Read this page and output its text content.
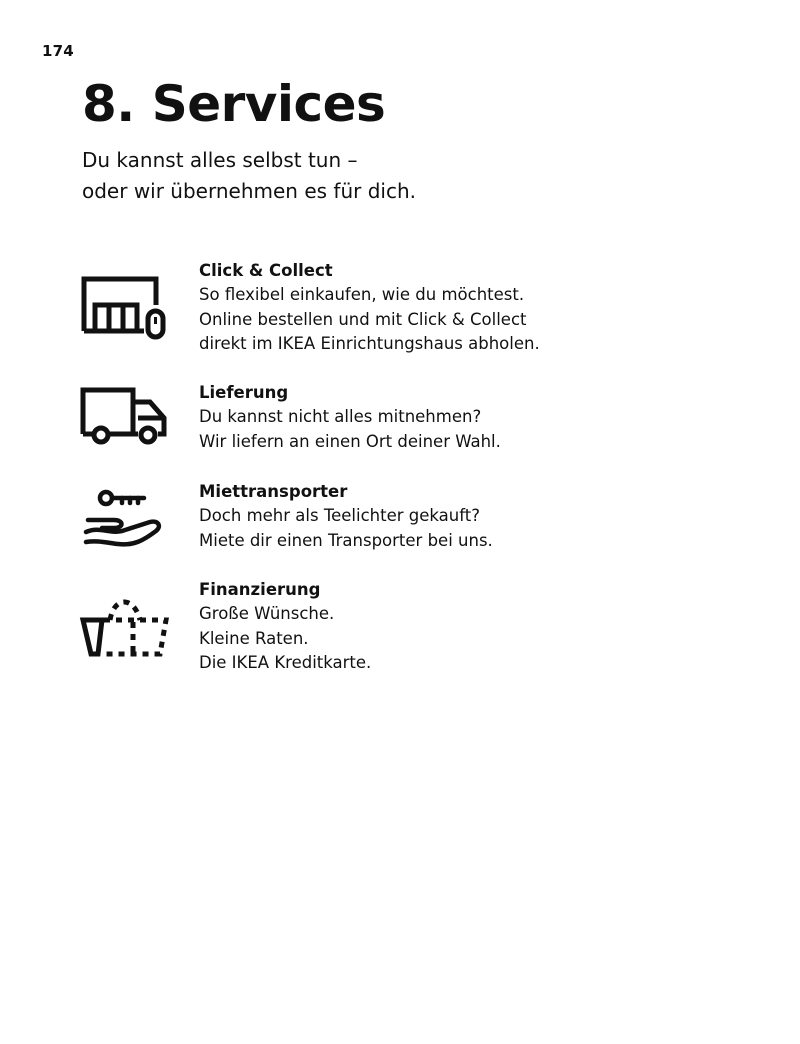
174
8. Services
Du kannst alles selbst tun –
oder wir übernehmen es für dich.
Click & Collect
So flexibel einkaufen, wie du möchtest.
Online bestellen und mit Click & Collect
direkt im IKEA Einrichtungshaus abholen.
Lieferung
Du kannst nicht alles mitnehmen?
Wir liefern an einen Ort deiner Wahl.
Miettransporter
Doch mehr als Teelichter gekauft?
Miete dir einen Transporter bei uns.
Finanzierung
Große Wünsche.
Kleine Raten.
Die IKEA Kreditkarte.
